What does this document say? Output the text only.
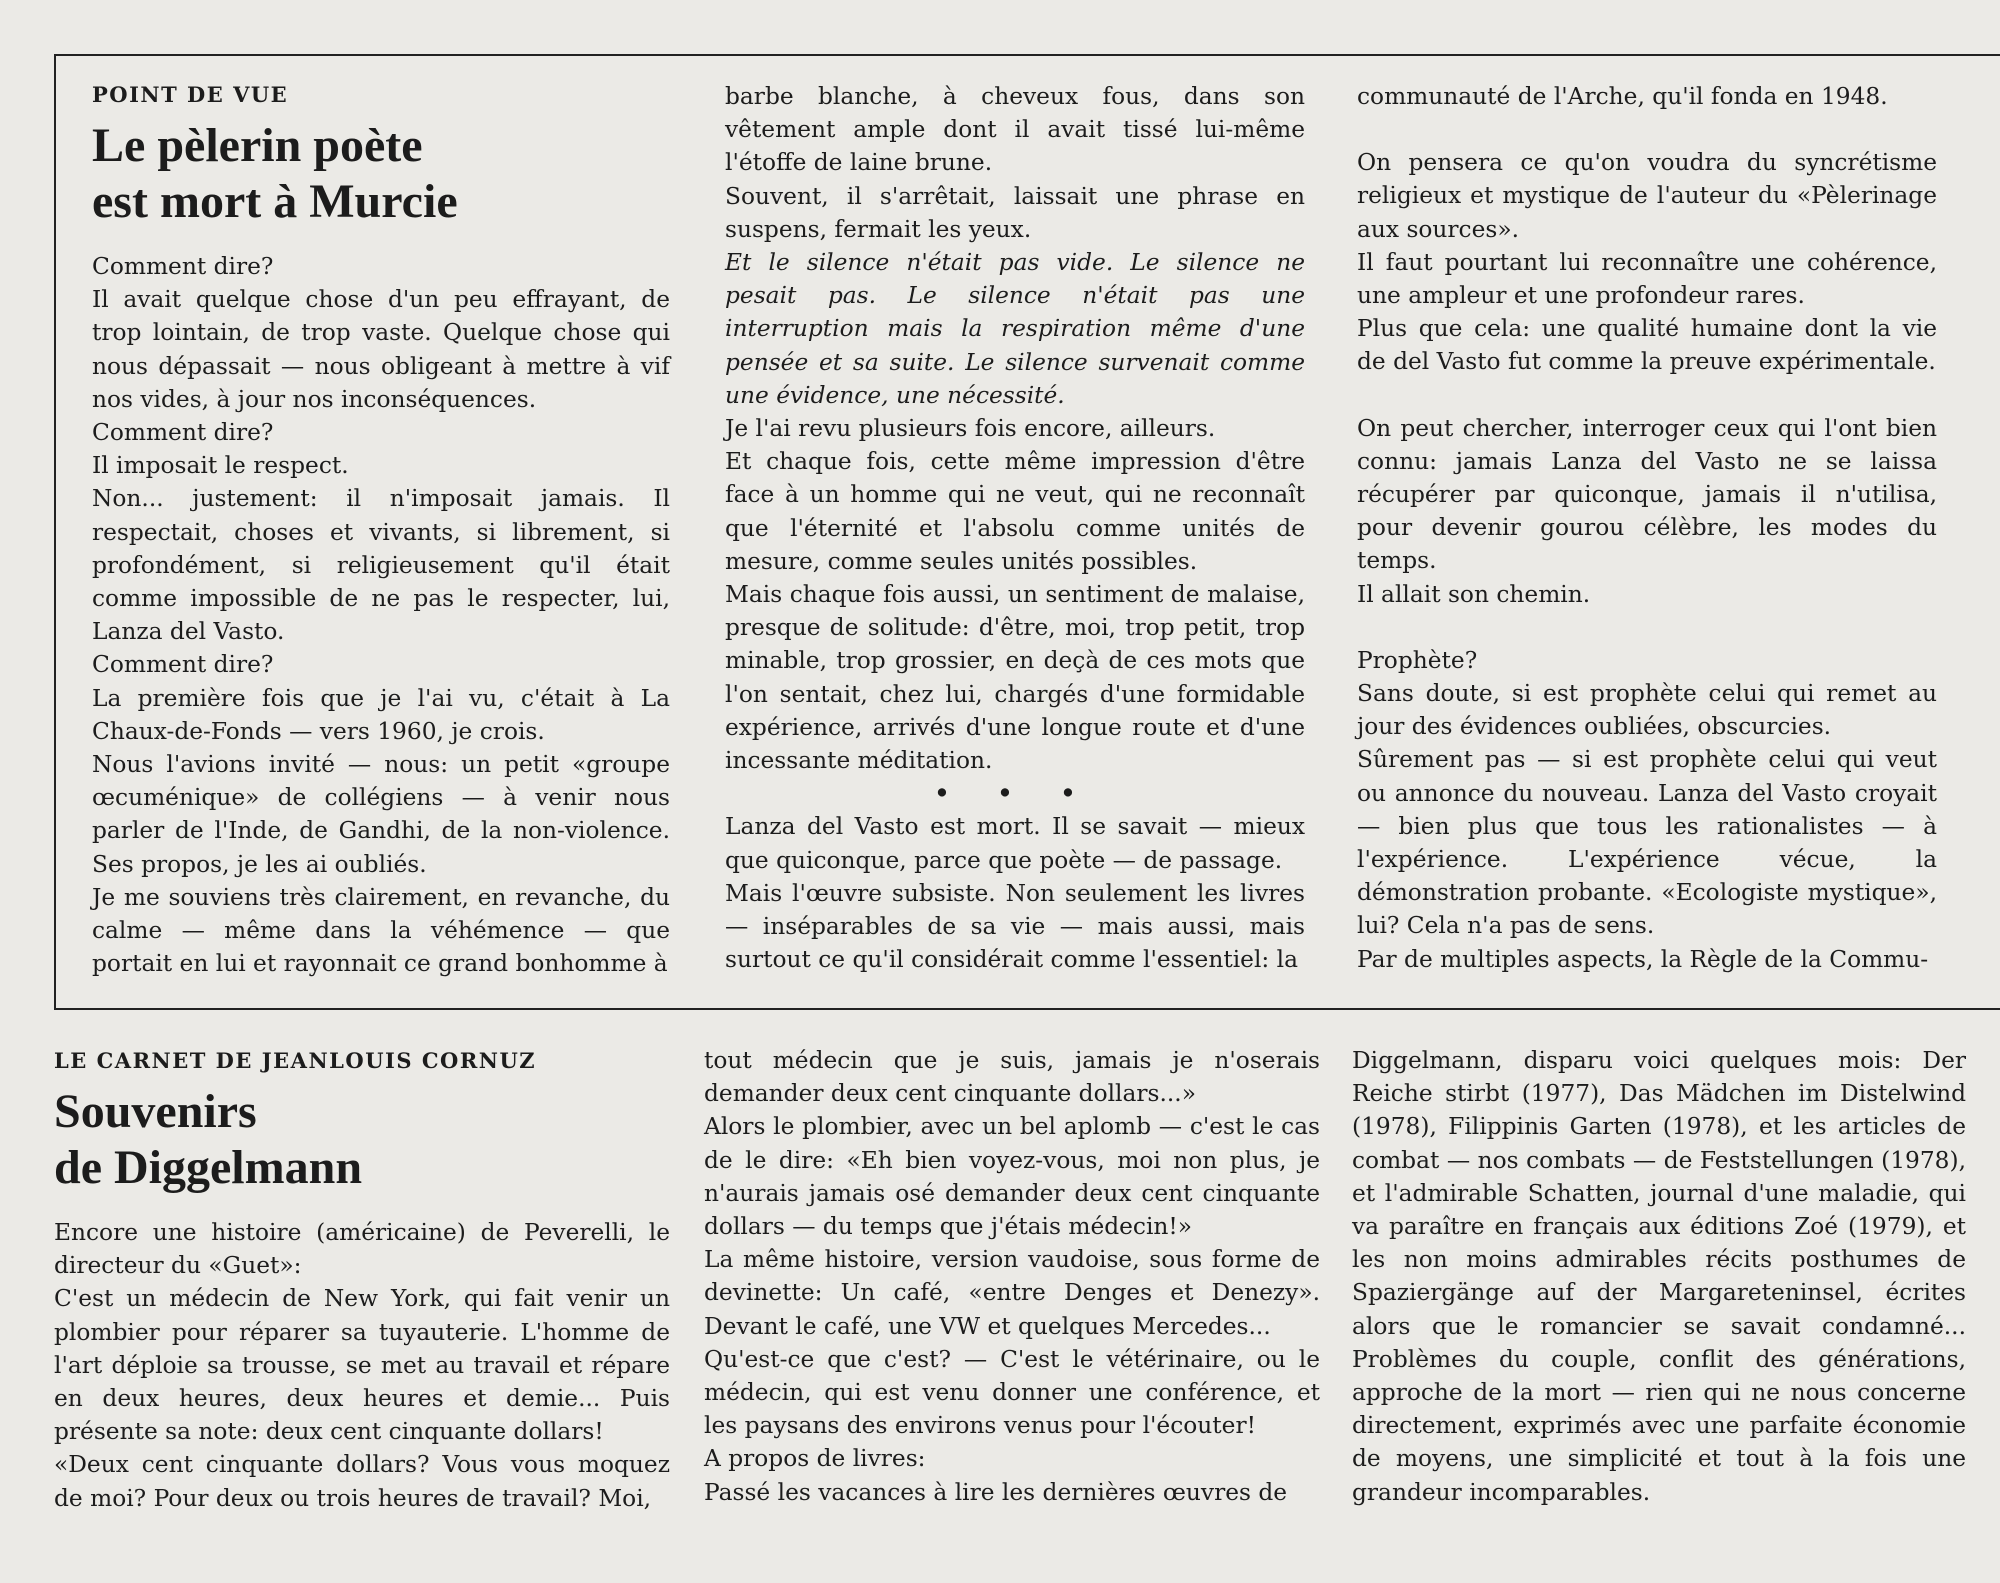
POINT DE VUE

Le pèlerin poète
est mort à Murcie

Comment dire?

Il avait quelque chose d'un peu effrayant, de trop lointain, de trop vaste. Quelque chose qui nous dépassait — nous obligeant à mettre à vif nos vides, à jour nos inconséquences.

Comment dire?

Il imposait le respect.

Non... justement: il n'imposait jamais. Il respectait, choses et vivants, si librement, si profondément, si religieusement qu'il était comme impossible de ne pas le respecter, lui, Lanza del Vasto.

Comment dire?

La première fois que je l'ai vu, c'était à La Chaux-de-Fonds — vers 1960, je crois.

Nous l'avions invité — nous: un petit «groupe œcuménique» de collégiens — à venir nous parler de l'Inde, de Gandhi, de la non-violence. Ses propos, je les ai oubliés.

Je me souviens très clairement, en revanche, du calme — même dans la véhémence — que portait en lui et rayonnait ce grand bonhomme à

barbe blanche, à cheveux fous, dans son vêtement ample dont il avait tissé lui-même l'étoffe de laine brune.

Souvent, il s'arrêtait, laissait une phrase en suspens, fermait les yeux.

Et le silence n'était pas vide. Le silence ne pesait pas. Le silence n'était pas une interruption mais la respiration même d'une pensée et sa suite. Le silence survenait comme une évidence, une nécessité.

Je l'ai revu plusieurs fois encore, ailleurs.

Et chaque fois, cette même impression d'être face à un homme qui ne veut, qui ne reconnaît que l'éternité et l'absolu comme unités de mesure, comme seules unités possibles.

Mais chaque fois aussi, un sentiment de malaise, presque de solitude: d'être, moi, trop petit, trop minable, trop grossier, en deçà de ces mots que l'on sentait, chez lui, chargés d'une formidable expérience, arrivés d'une longue route et d'une incessante méditation.

• • •

Lanza del Vasto est mort. Il se savait — mieux que quiconque, parce que poète — de passage.

Mais l'œuvre subsiste. Non seulement les livres — inséparables de sa vie — mais aussi, mais surtout ce qu'il considérait comme l'essentiel: la

communauté de l'Arche, qu'il fonda en 1948.

On pensera ce qu'on voudra du syncrétisme religieux et mystique de l'auteur du «Pèlerinage aux sources».

Il faut pourtant lui reconnaître une cohérence, une ampleur et une profondeur rares.

Plus que cela: une qualité humaine dont la vie de del Vasto fut comme la preuve expérimentale.

On peut chercher, interroger ceux qui l'ont bien connu: jamais Lanza del Vasto ne se laissa récupérer par quiconque, jamais il n'utilisa, pour devenir gourou célèbre, les modes du temps.

Il allait son chemin.

Prophète?

Sans doute, si est prophète celui qui remet au jour des évidences oubliées, obscurcies.

Sûrement pas — si est prophète celui qui veut ou annonce du nouveau. Lanza del Vasto croyait — bien plus que tous les rationalistes — à l'expérience. L'expérience vécue, la démonstration probante. «Ecologiste mystique», lui? Cela n'a pas de sens.

Par de multiples aspects, la Règle de la Commu-

LE CARNET DE JEANLOUIS CORNUZ

Souvenirs
de Diggelmann

Encore une histoire (américaine) de Peverelli, le directeur du «Guet»:

C'est un médecin de New York, qui fait venir un plombier pour réparer sa tuyauterie. L'homme de l'art déploie sa trousse, se met au travail et répare en deux heures, deux heures et demie... Puis présente sa note: deux cent cinquante dollars!

«Deux cent cinquante dollars? Vous vous moquez de moi? Pour deux ou trois heures de travail? Moi,

tout médecin que je suis, jamais je n'oserais demander deux cent cinquante dollars...»

Alors le plombier, avec un bel aplomb — c'est le cas de le dire: «Eh bien voyez-vous, moi non plus, je n'aurais jamais osé demander deux cent cinquante dollars — du temps que j'étais médecin!»

La même histoire, version vaudoise, sous forme de devinette: Un café, «entre Denges et Denezy». Devant le café, une VW et quelques Mercedes...

Qu'est-ce que c'est? — C'est le vétérinaire, ou le médecin, qui est venu donner une conférence, et les paysans des environs venus pour l'écouter!

A propos de livres:

Passé les vacances à lire les dernières œuvres de

Diggelmann, disparu voici quelques mois: Der Reiche stirbt (1977), Das Mädchen im Distelwind (1978), Filippinis Garten (1978), et les articles de combat — nos combats — de Feststellungen (1978), et l'admirable Schatten, journal d'une maladie, qui va paraître en français aux éditions Zoé (1979), et les non moins admirables récits posthumes de Spaziergänge auf der Margareteninsel, écrites alors que le romancier se savait condamné... Problèmes du couple, conflit des générations, approche de la mort — rien qui ne nous concerne directement, exprimés avec une parfaite économie de moyens, une simplicité et tout à la fois une grandeur incomparables.
